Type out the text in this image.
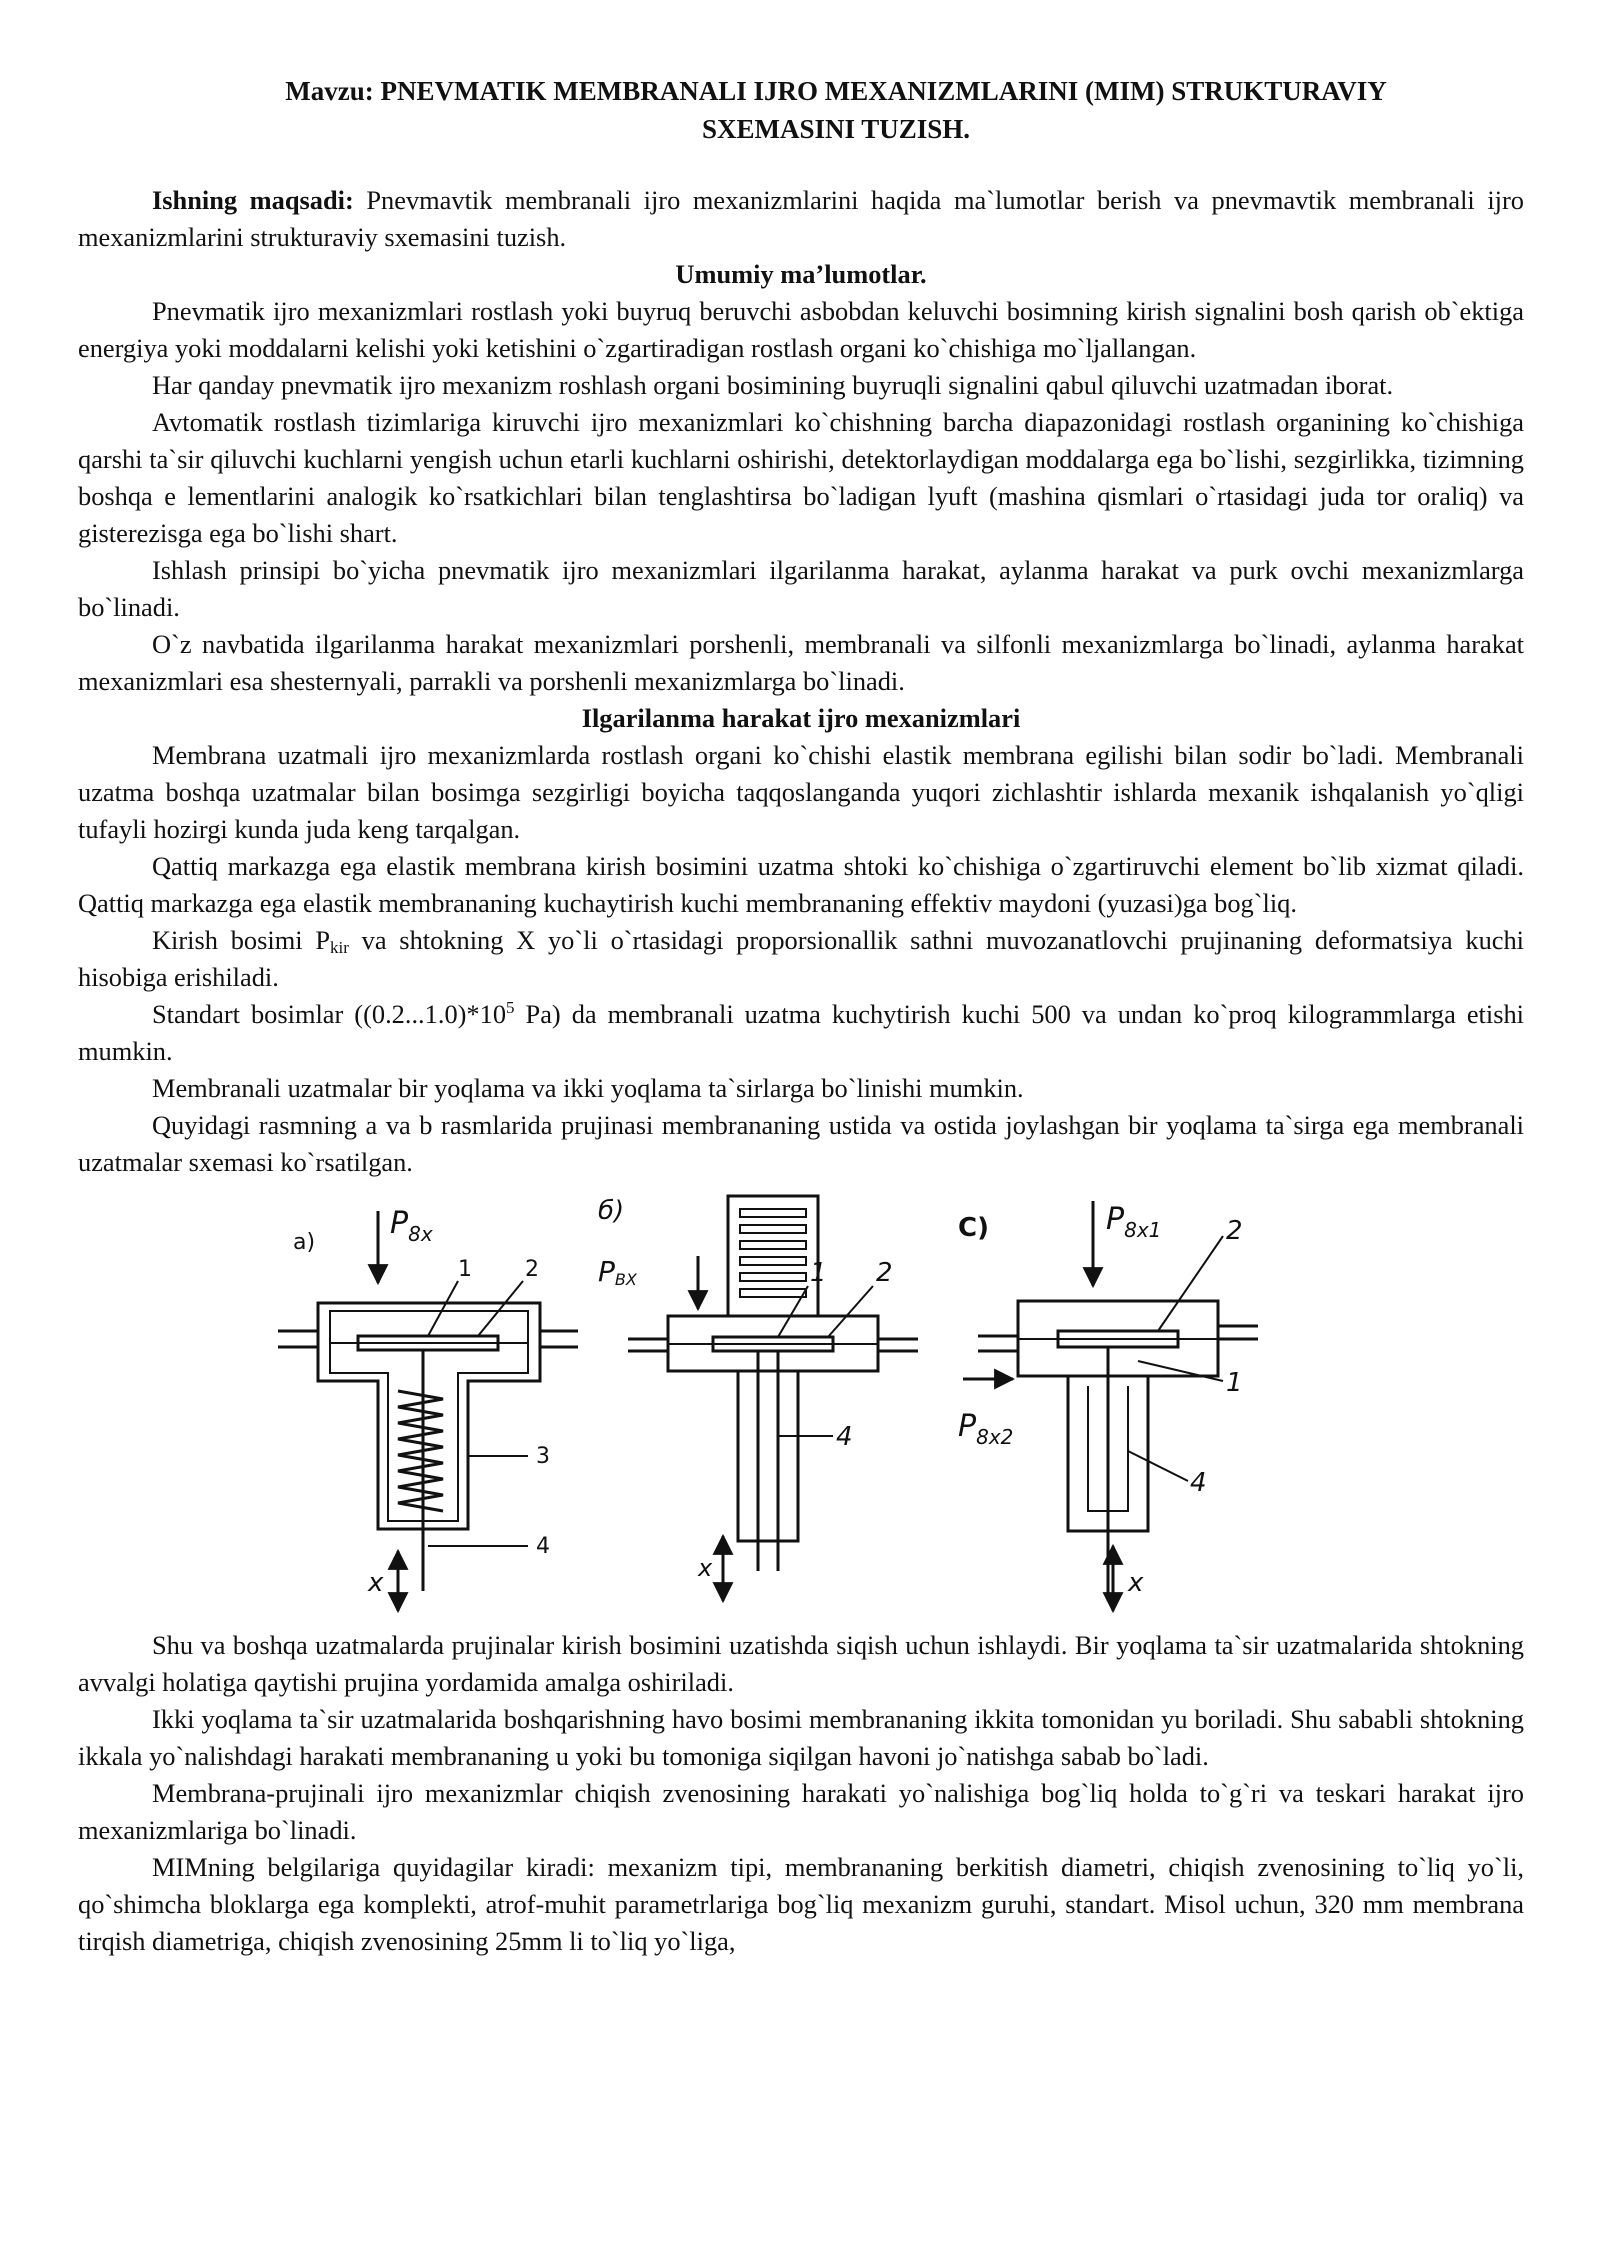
Mavzu: PNEVMATIK MEMBRANALI IJRO MEXANIZMLARINI (MIM) STRUKTURAVIY
SXEMASINI TUZISH.

Ishning maqsadi: Pnevmavtik membranali ijro mexanizmlarini haqida ma`lumotlar berish va pnevmavtik membranali ijro mexanizmlarini strukturaviy sxemasini tuzish.

Umumiy ma’lumotlar.

Pnevmatik ijro mexanizmlari rostlash yoki buyruq beruvchi asbobdan keluvchi bosimning kirish signalini bosh qarish ob`ektiga energiya yoki moddalarni kelishi yoki ketishini o`zgartiradigan rostlash organi ko`chishiga mo`ljallangan.

Har qanday pnevmatik ijro mexanizm roshlash organi bosimining buyruqli signalini qabul qiluvchi uzatmadan iborat.

Avtomatik rostlash tizimlariga kiruvchi ijro mexanizmlari ko`chishning barcha diapazonidagi rostlash organining ko`chishiga qarshi ta`sir qiluvchi kuchlarni yengish uchun etarli kuchlarni oshirishi, detektorlaydigan moddalarga ega bo`lishi, sezgirlikka, tizimning boshqa e lementlarini analogik ko`rsatkichlari bilan tenglashtirsa bo`ladigan lyuft (mashina qismlari o`rtasidagi juda tor oraliq) va gisterezisga ega bo`lishi shart.

Ishlash prinsipi bo`yicha pnevmatik ijro mexanizmlari ilgarilanma harakat, aylanma harakat va purk ovchi mexanizmlarga bo`linadi.

O`z navbatida ilgarilanma harakat mexanizmlari porshenli, membranali va silfonli mexanizmlarga bo`linadi, aylanma harakat mexanizmlari esa shesternyali, parrakli va porshenli mexanizmlarga bo`linadi.

Ilgarilanma harakat ijro mexanizmlari

Membrana uzatmali ijro mexanizmlarda rostlash organi ko`chishi elastik membrana egilishi bilan sodir bo`ladi. Membranali uzatma boshqa uzatmalar bilan bosimga sezgirligi boyicha taqqoslanganda yuqori zichlashtir ishlarda mexanik ishqalanish yo`qligi tufayli hozirgi kunda juda keng tarqalgan.

Qattiq markazga ega elastik membrana kirish bosimini uzatma shtoki ko`chishiga o`zgartiruvchi element bo`lib xizmat qiladi. Qattiq markazga ega elastik membrananing kuchaytirish kuchi membrananing effektiv maydoni (yuzasi)ga bog`liq.

Kirish bosimi $P_{kir}$ va shtokning X yo`li o`rtasidagi proporsionallik sathni muvozanatlovchi prujinaning deformatsiya kuchi hisobiga erishiladi.

Standart bosimlar ($(0.2...1.0)*10^5$ Pa) da membranali uzatma kuchytirish kuchi 500 va undan ko`proq kilogrammlarga etishi mumkin.

Membranali uzatmalar bir yoqlama va ikki yoqlama ta`sirlarga bo`linishi mumkin.

Quyidagi rasmning a va b rasmlarida prujinasi membrananing ustida va ostida joylashgan bir yoqlama ta`sirga ega membranali uzatmalar sxemasi ko`rsatilgan.

a)
$P_{8x}$
x
1 2
3
4
б)
PВХ
x
1 2
4
C)	$P_{8x1}$
$P_{8x2}$
x
2
1
4

Shu va boshqa uzatmalarda prujinalar kirish bosimini uzatishda siqish uchun ishlaydi. Bir yoqlama ta`sir uzatmalarida shtokning avvalgi holatiga qaytishi prujina yordamida amalga oshiriladi.

Ikki yoqlama ta`sir uzatmalarida boshqarishning havo bosimi membrananing ikkita tomonidan yu boriladi. Shu sababli shtokning ikkala yo`nalishdagi harakati membrananing u yoki bu tomoniga siqilgan havoni jo`natishga sabab bo`ladi.

Membrana-prujinali ijro mexanizmlar chiqish zvenosining harakati yo`nalishiga bog`liq holda to`g`ri va teskari harakat ijro mexanizmlariga bo`linadi.

MIMning belgilariga quyidagilar kiradi: mexanizm tipi, membrananing berkitish diametri, chiqish zvenosining to`liq yo`li, qo`shimcha bloklarga ega komplekti, atrof-muhit parametrlariga bog`liq mexanizm guruhi, standart. Misol uchun, 320 mm membrana tirqish diametriga, chiqish zvenosining 25mm li to`liq yo`liga,
